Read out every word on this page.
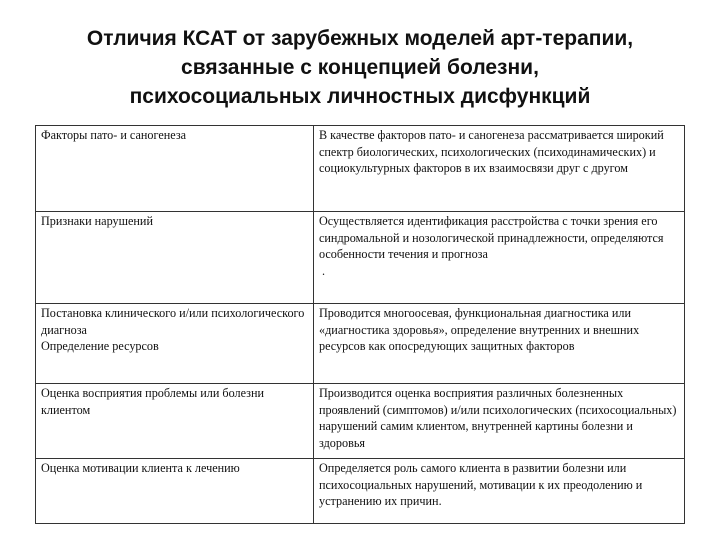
Отличия КСАТ от зарубежных моделей арт-терапии,
связанные с концепцией болезни,
психосоциальных личностных дисфункций
Факторы пато- и саногенеза	В качестве факторов пато- и саногенеза рассматривается широкий спектр биологических, психологических (психодинамических) и социокультурных факторов в их взаимосвязи друг с другом

Признаки нарушений	Осуществляется идентификация расстройства с точки зрения его синдромальной и нозологической принадлежности, определяются особенности течения и прогноза
.

Постановка клинического и/или психологического диагноза
Определение ресурсов	Проводится многоосевая, функциональная диагностика или «диагностика здоровья», определение внутренних и внешних ресурсов как опосредующих защитных факторов

Оценка восприятия проблемы или болезни клиентом	Производится оценка восприятия различных болезненных проявлений (симптомов) и/или психологических (психосоциальных) нарушений самим клиентом, внутренней картины болезни и здоровья

Оценка мотивации клиента к лечению	Определяется роль самого клиента в развитии болезни или психосоциальных нарушений, мотивации к их преодолению и устранению их причин.
